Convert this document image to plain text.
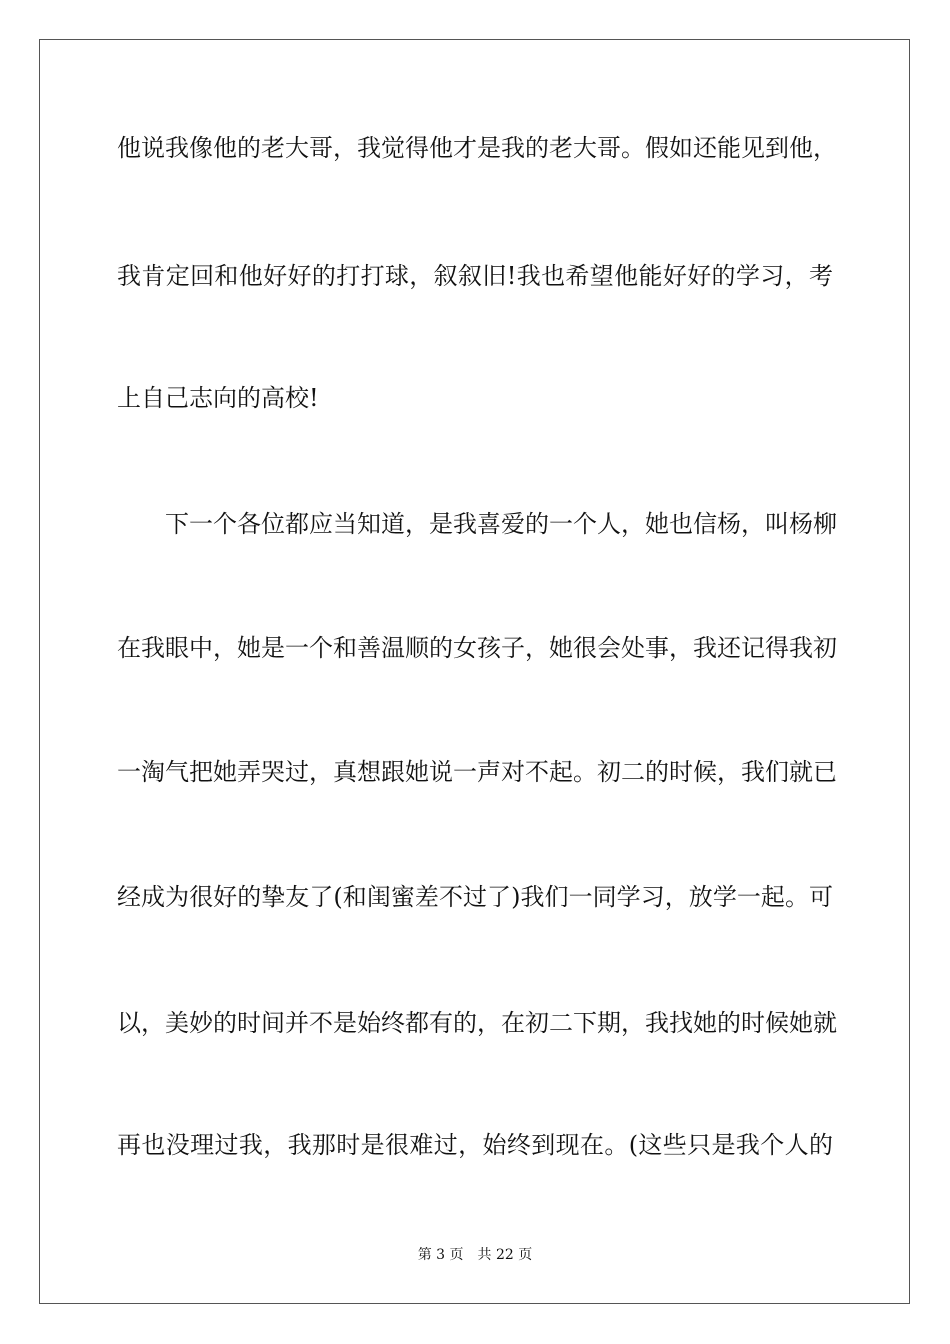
他说我像他的老大哥，我觉得他才是我的老大哥。假如还能见到他，
我肯定回和他好好的打打球，叙叙旧!我也希望他能好好的学习，考
上自己志向的高校!
下一个各位都应当知道，是我喜爱的一个人，她也信杨，叫杨柳
在我眼中，她是一个和善温顺的女孩子，她很会处事，我还记得我初
一淘气把她弄哭过，真想跟她说一声对不起。初二的时候，我们就已
经成为很好的挚友了(和闺蜜差不过了)我们一同学习，放学一起。可
以，美妙的时间并不是始终都有的，在初二下期，我找她的时候她就
再也没理过我，我那时是很难过，始终到现在。(这些只是我个人的
第 3 页 共 22 页
